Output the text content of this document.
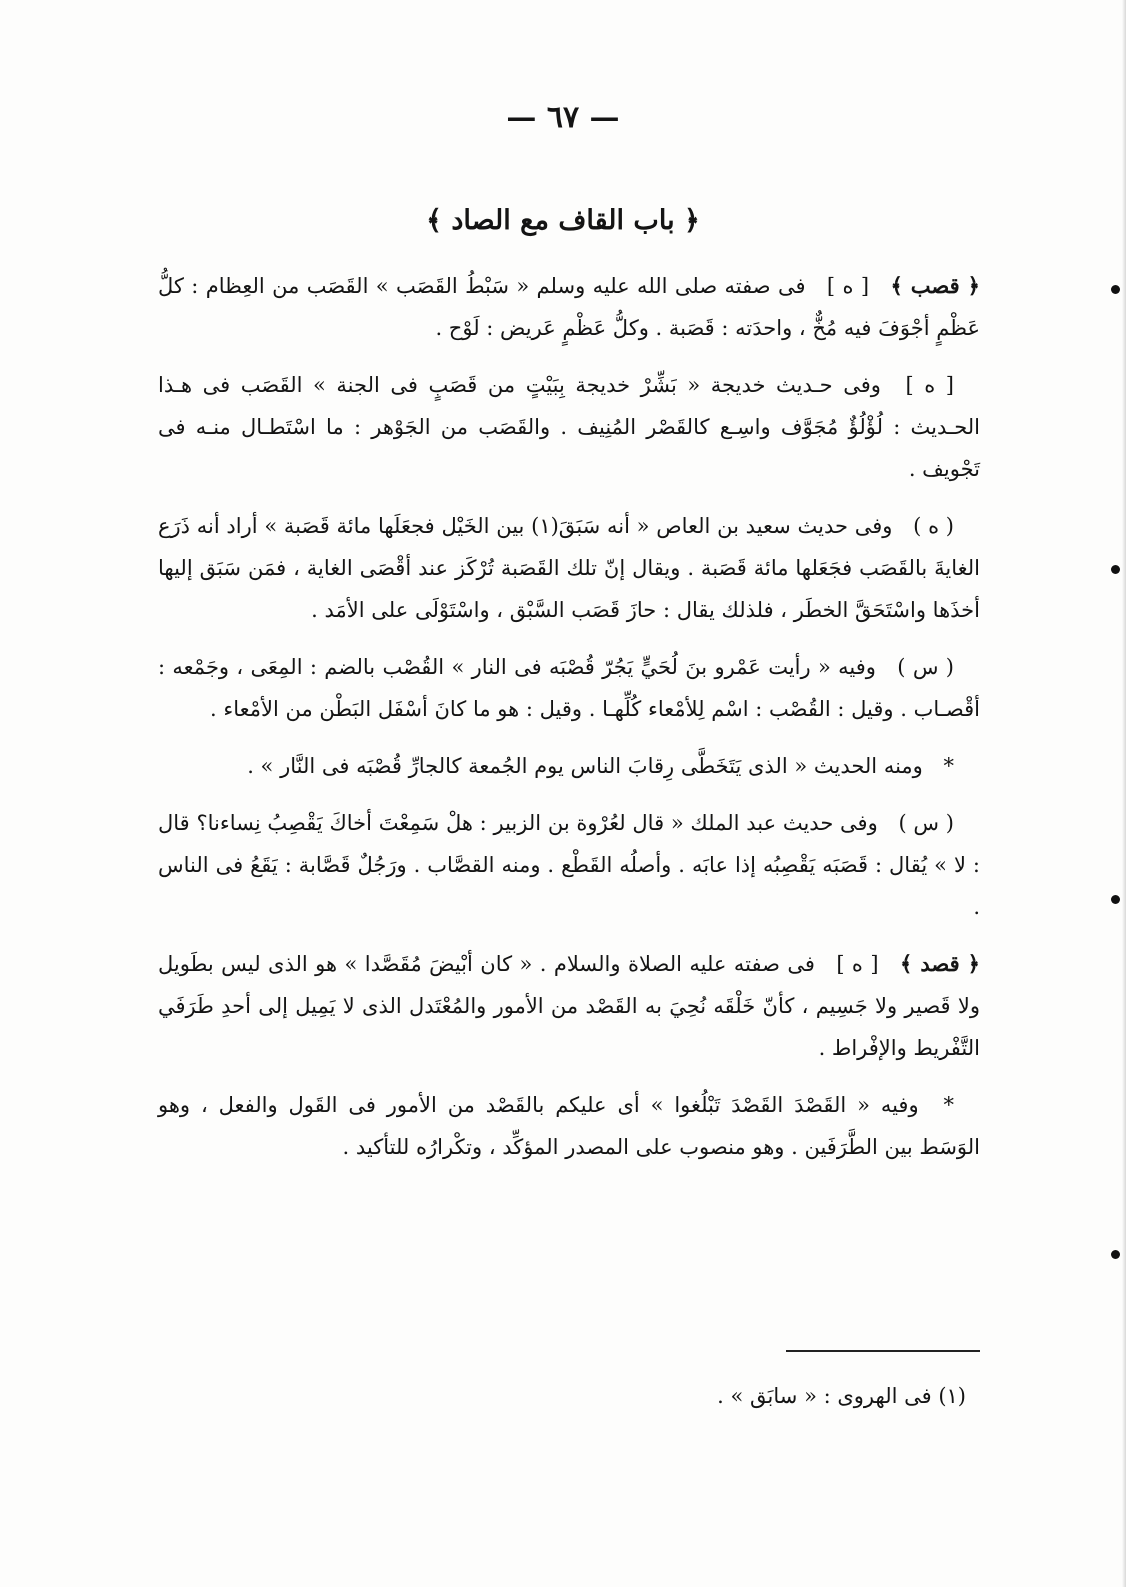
— ٦٧ —
﴿ باب القاف مع الصاد ﴾

﴿ قصب ﴾ [ ه ] فى صفته صلى الله عليه وسلم « سَبْطُ القَصَب » القَصَب من العِظام : كلُّ عَظْمٍ أجْوَفَ فيه مُخٌّ ، واحدَته : قَصَبة . وكلُّ عَظْمٍ عَريض : لَوْح .

[ ه ] وفى حـديث خديجة « بَشِّرْ خديجة بِبَيْتٍ من قَصَبٍ فى الجنة » القَصَب فى هـذا الحـديث : لُؤْلُؤٌ مُجَوَّف واسِـع كالقَصْر المُنِيف . والقَصَب من الجَوْهر : ما اسْتَطـال منـه فى تَجْويف .

( ه ) وفى حديث سعيد بن العاص « أنه سَبَقَ(١) بين الخَيْل فجعَلَها مائة قَصَبة » أراد أنه ذَرَع الغايةَ بالقَصَب فجَعَلها مائة قَصَبة . ويقال إنّ تلك القَصَبة تُرْكَز عند أقْصَى الغاية ، فمَن سَبَق إليها أخذَها واسْتَحَقَّ الخطَر ، فلذلك يقال : حازَ قَصَب السَّبْق ، واسْتَوْلَى على الأمَد .

( س ) وفيه « رأيت عَمْرو بنَ لُحَيٍّ يَجُرّ قُصْبَه فى النار » القُصْب بالضم : المِعَى ، وجَمْعه : أقْصـاب . وقيل : القُصْب : اسْم لِلأمْعاء كُلِّهـا . وقيل : هو ما كانَ أسْفَل البَطْن من الأمْعاء .

* ومنه الحديث « الذى يَتَخَطَّى رِقابَ الناس يوم الجُمعة كالجارِّ قُصْبَه فى النَّار » .

( س ) وفى حديث عبد الملك « قال لعُرْوة بن الزبير : هلْ سَمِعْتَ أخاكَ يَقْصِبُ نِساءنا؟ قال : لا » يُقال : قَصَبَه يَقْصِبُه إذا عابَه . وأصلُه القَطْع . ومنه القصَّاب . ورَجُلٌ قَصَّابة : يَقَعُ فى الناس .

﴿ قصد ﴾ [ ه ] فى صفته عليه الصلاة والسلام . « كان أبْيضَ مُقَصَّدا » هو الذى ليس بطَويل ولا قَصير ولا جَسِيم ، كأنّ خَلْقَه نُحِيَ به القَصْد من الأمور والمُعْتَدل الذى لا يَمِيل إلى أحدِ طَرَفَي التَّفْريط والإفْراط .

* وفيه « القَصْدَ القَصْدَ تَبْلُغوا » أى عليكم بالقَصْد من الأمور فى القَول والفعل ، وهو الوَسَط بين الطَّرَفَين . وهو منصوب على المصدر المؤكِّد ، وتكْرارُه للتأكيد .

(١) فى الهروى : « سابَق » .
